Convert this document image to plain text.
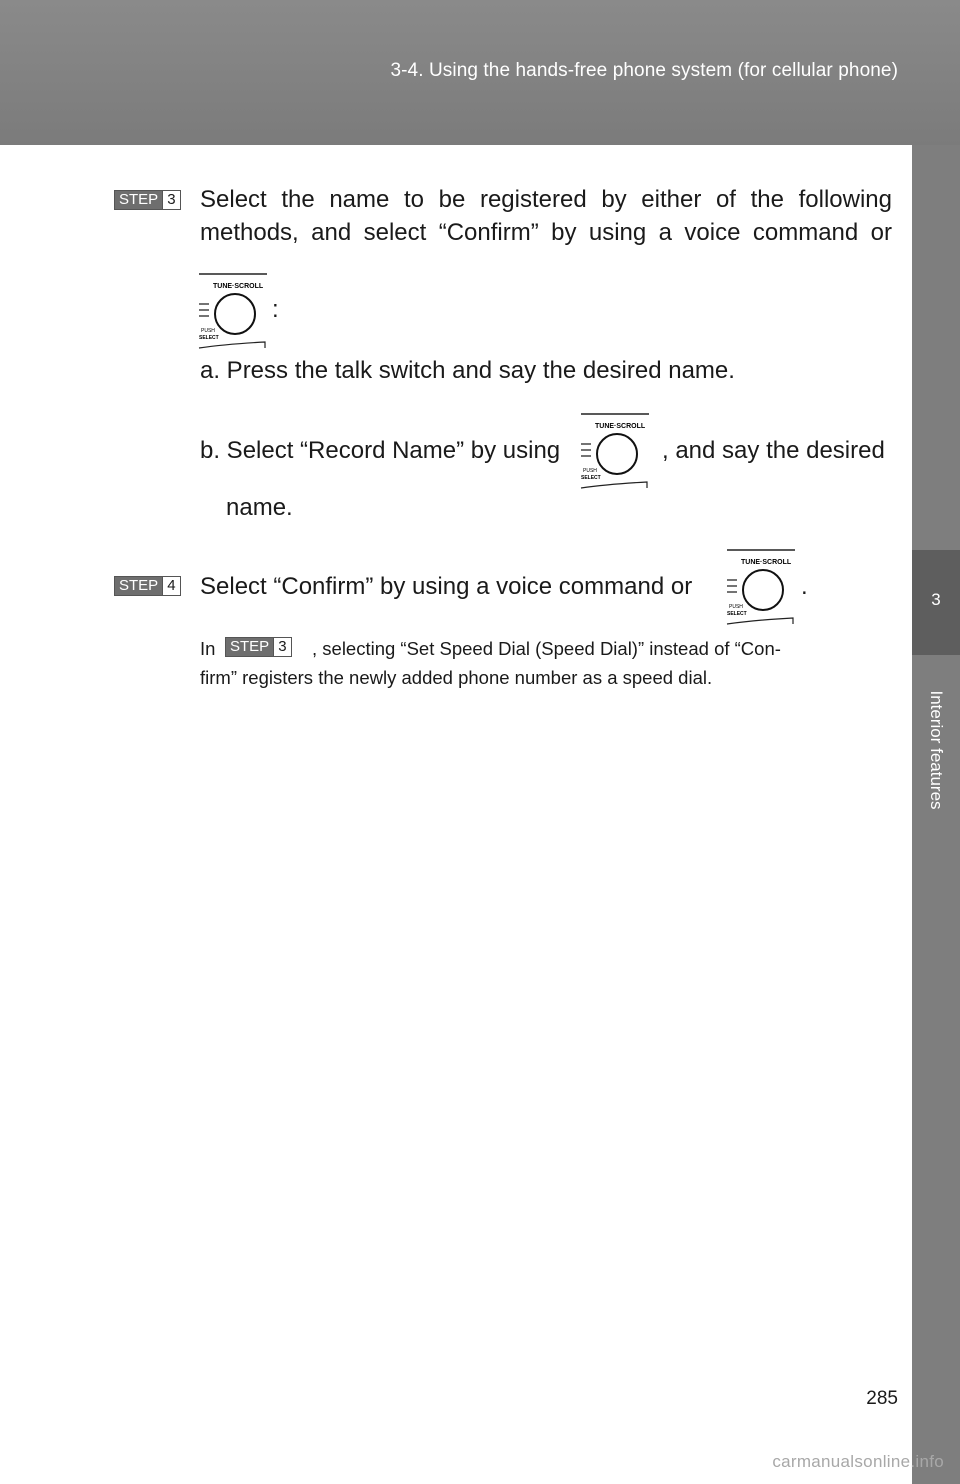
3-4. Using the hands-free phone system (for cellular phone)
3
Interior features
STEP 3 Select the name to be registered by either of the following
methods, and select “Confirm” by using a voice command or
TUNE·SCROLL
PUSH
SELECT
:
a. Press the talk switch and say the desired name.
b. Select “Record Name” by using
TUNE·SCROLL
PUSH
SELECT
, and say the desired
name.
STEP 4 Select “Confirm” by using a voice command or
TUNE·SCROLL
PUSH
SELECT
.
In STEP 3 , selecting “Set Speed Dial (Speed Dial)” instead of “Con-
firm” registers the newly added phone number as a speed dial.
285
carmanualsonline.info
